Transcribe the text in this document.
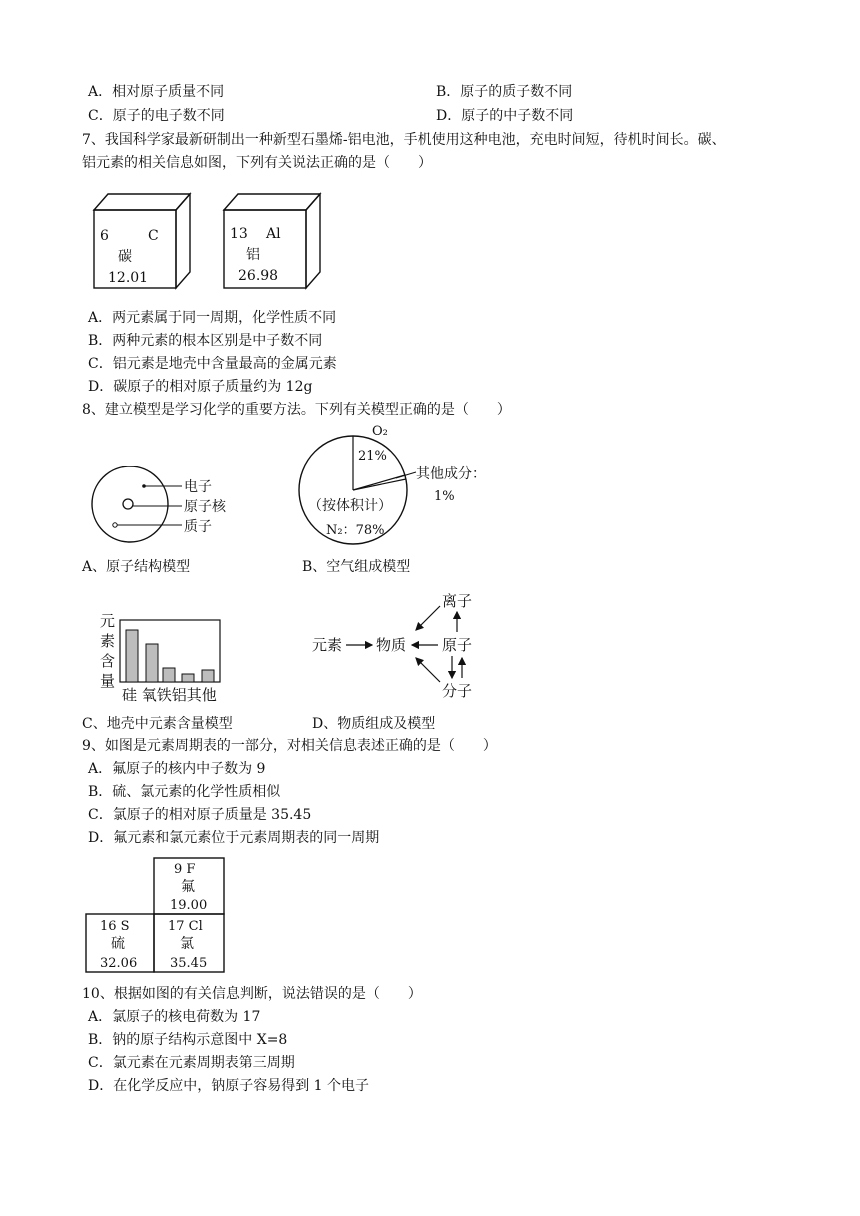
A．相对原子质量不同	B．原子的质子数不同
C．原子的电子数不同	D．原子的中子数不同
7、我国科学家最新研制出一种新型石墨烯-铝电池，手机使用这种电池，充电时间短，待机时间长。碳、
铝元素的相关信息如图，下列有关说法正确的是（　　）
6	C
碳
12.01
13 Al
铝
26.98
A．两元素属于同一周期，化学性质不同
B．两种元素的根本区别是中子数不同
C．铝元素是地壳中含量最高的金属元素
D．碳原子的相对原子质量约为 12g
8、建立模型是学习化学的重要方法。下列有关模型正确的是（　　）
电子
原子核
质子
O₂
21%
其他成分：
1%
（按体积计）
N₂：78%
A、原子结构模型	B、空气组成模型
元
素
含
量
硅 氧铁铝其他
离子
元素 物质 原子
分子
C、地壳中元素含量模型	D、物质组成及模型
9、如图是元素周期表的一部分，对相关信息表述正确的是（　　）
A．氟原子的核内中子数为 9
B．硫、氯元素的化学性质相似
C．氯原子的相对原子质量是 35.45
D．氟元素和氯元素位于元素周期表的同一周期
9 F
氟
19.00
16 S
硫
32.06
17 Cl
氯
35.45
10、根据如图的有关信息判断，说法错误的是（　　）
A．氯原子的核电荷数为 17
B．钠的原子结构示意图中 X=8
C．氯元素在元素周期表第三周期
D．在化学反应中，钠原子容易得到 1 个电子
